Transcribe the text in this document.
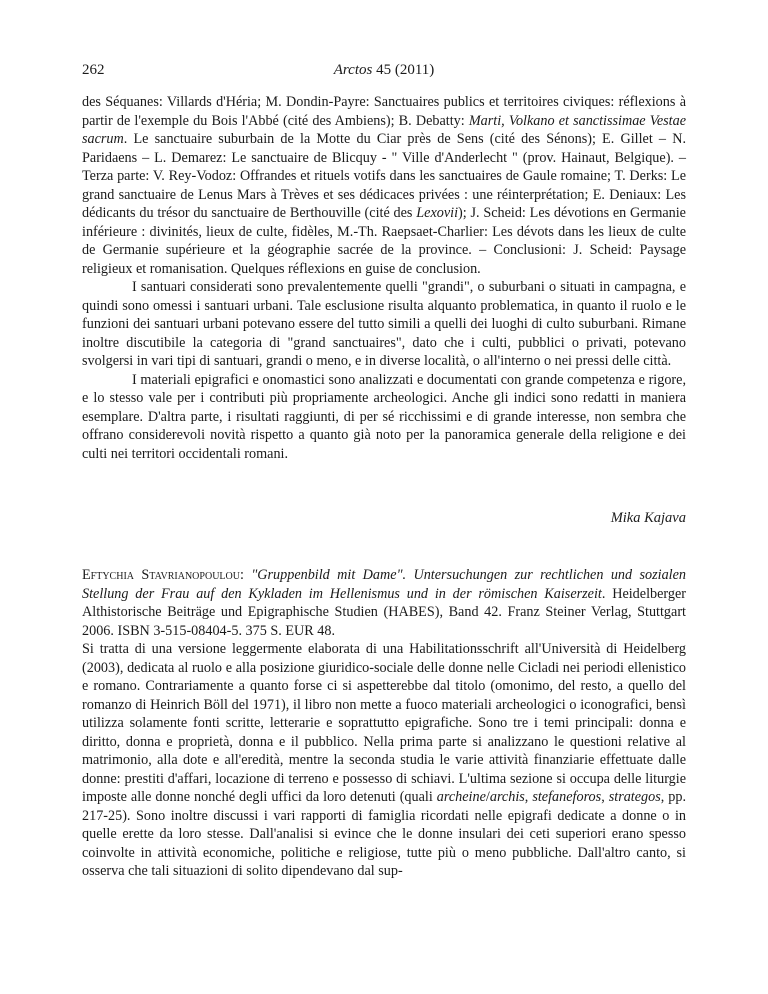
262	Arctos 45 (2011)

des Séquanes: Villards d'Héria; M. Dondin-Payre: Sanctuaires publics et territoires civiques: réflexions à partir de l'exemple du Bois l'Abbé (cité des Ambiens); B. Debatty: Marti, Volkano et sanctissimae Vestae sacrum. Le sanctuaire suburbain de la Motte du Ciar près de Sens (cité des Sénons); E. Gillet – N. Paridaens – L. Demarez: Le sanctuaire de Blicquy - " Ville d'Anderlecht " (prov. Hainaut, Belgique). – Terza parte: V. Rey-Vodoz: Offrandes et rituels votifs dans les sanctuaires de Gaule romaine; T. Derks: Le grand sanctuaire de Lenus Mars à Trèves et ses dédicaces privées : une réinterprétation; E. Deniaux: Les dédicants du trésor du sanctuaire de Berthouville (cité des Lexovii); J. Scheid: Les dévotions en Germanie inférieure : divinités, lieux de culte, fidèles, M.-Th. Raepsaet-Charlier: Les dévots dans les lieux de culte de Germanie supérieure et la géographie sacrée de la province. – Conclusioni: J. Scheid: Paysage religieux et romanisation. Quelques réflexions en guise de conclusion.

I santuari considerati sono prevalentemente quelli "grandi", o suburbani o situati in campagna, e quindi sono omessi i santuari urbani. Tale esclusione risulta alquanto problematica, in quanto il ruolo e le funzioni dei santuari urbani potevano essere del tutto simili a quelli dei luoghi di culto suburbani. Rimane inoltre discutibile la categoria di "grand sanctuaires", dato che i culti, pubblici o privati, potevano svolgersi in vari tipi di santuari, grandi o meno, e in diverse località, o all'interno o nei pressi delle città.

I materiali epigrafici e onomastici sono analizzati e documentati con grande competenza e rigore, e lo stesso vale per i contributi più propriamente archeologici. Anche gli indici sono redatti in maniera esemplare. D'altra parte, i risultati raggiunti, di per sé ricchissimi e di grande interesse, non sembra che offrano considerevoli novità rispetto a quanto già noto per la panoramica generale della religione e dei culti nei territori occidentali romani.

Mika Kajava

Eftychia Stavrianopoulou: "Gruppenbild mit Dame". Untersuchungen zur rechtlichen und sozialen Stellung der Frau auf den Kykladen im Hellenismus und in der römischen Kaiserzeit. Heidelberger Althistorische Beiträge und Epigraphische Studien (HABES), Band 42. Franz Steiner Verlag, Stuttgart 2006. ISBN 3-515-08404-5. 375 S. EUR 48.

Si tratta di una versione leggermente elaborata di una Habilitationsschrift all'Università di Heidelberg (2003), dedicata al ruolo e alla posizione giuridico-sociale delle donne nelle Cicladi nei periodi ellenistico e romano. Contrariamente a quanto forse ci si aspetterebbe dal titolo (omonimo, del resto, a quello del romanzo di Heinrich Böll del 1971), il libro non mette a fuoco materiali archeologici o iconografici, bensì utilizza solamente fonti scritte, letterarie e soprattutto epigrafiche. Sono tre i temi principali: donna e diritto, donna e proprietà, donna e il pubblico. Nella prima parte si analizzano le questioni relative al matrimonio, alla dote e all'eredità, mentre la seconda studia le varie attività finanziarie effettuate dalle donne: prestiti d'affari, locazione di terreno e possesso di schiavi. L'ultima sezione si occupa delle liturgie imposte alle donne nonché degli uffici da loro detenuti (quali archeine/archis, stefaneforos, strategos, pp. 217-25). Sono inoltre discussi i vari rapporti di famiglia ricordati nelle epigrafi dedicate a donne o in quelle erette da loro stesse. Dall'analisi si evince che le donne insulari dei ceti superiori erano spesso coinvolte in attività economiche, politiche e religiose, tutte più o meno pubbliche. Dall'altro canto, si osserva che tali situazioni di solito dipendevano dal sup-
